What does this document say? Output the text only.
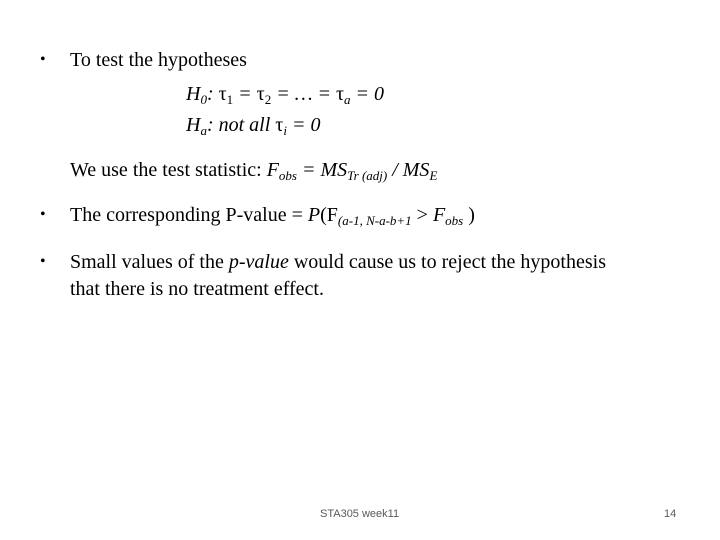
• To test the hypotheses
$H_0$: $\tau_1 = \tau_2$ = … = $\tau_a = 0$
$H_a$: not all $\tau_i = 0$
We use the test statistic: $F_{obs} = MS_{Tr (adj)} / MS_E$
• The corresponding P-value = $P(F_{(a-1, N-a-b+1} > F_{obs}$ )
• Small values of the p-value would cause us to reject the hypothesis
that there is no treatment effect.
STA305 week11	14
